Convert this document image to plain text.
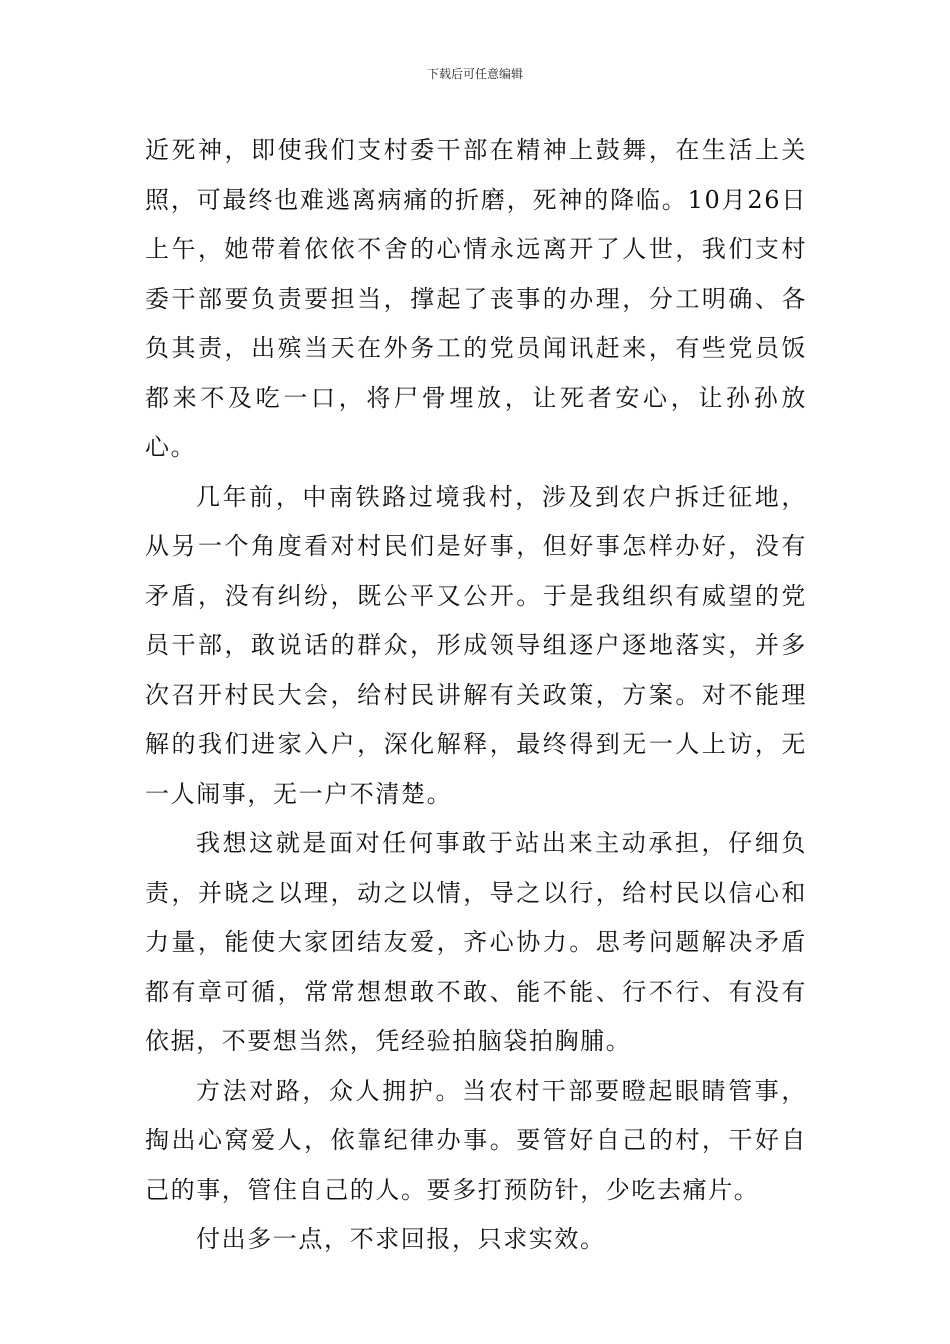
下载后可任意编辑

近死神，即使我们支村委干部在精神上鼓舞，在生活上关照，可最终也难逃离病痛的折磨，死神的降临。10月26日上午，她带着依依不舍的心情永远离开了人世，我们支村委干部要负责要担当，撑起了丧事的办理，分工明确、各负其责，出殡当天在外务工的党员闻讯赶来，有些党员饭都来不及吃一口，将尸骨埋放，让死者安心，让孙孙放心。

几年前，中南铁路过境我村，涉及到农户拆迁征地，从另一个角度看对村民们是好事，但好事怎样办好，没有矛盾，没有纠纷，既公平又公开。于是我组织有威望的党员干部，敢说话的群众，形成领导组逐户逐地落实，并多次召开村民大会，给村民讲解有关政策，方案。对不能理解的我们进家入户，深化解释，最终得到无一人上访，无一人闹事，无一户不清楚。

我想这就是面对任何事敢于站出来主动承担，仔细负责，并晓之以理，动之以情，导之以行，给村民以信心和力量，能使大家团结友爱，齐心协力。思考问题解决矛盾都有章可循，常常想想敢不敢、能不能、行不行、有没有依据，不要想当然，凭经验拍脑袋拍胸脯。

方法对路，众人拥护。当农村干部要瞪起眼睛管事，掏出心窝爱人，依靠纪律办事。要管好自己的村，干好自己的事，管住自己的人。要多打预防针，少吃去痛片。

付出多一点，不求回报，只求实效。
